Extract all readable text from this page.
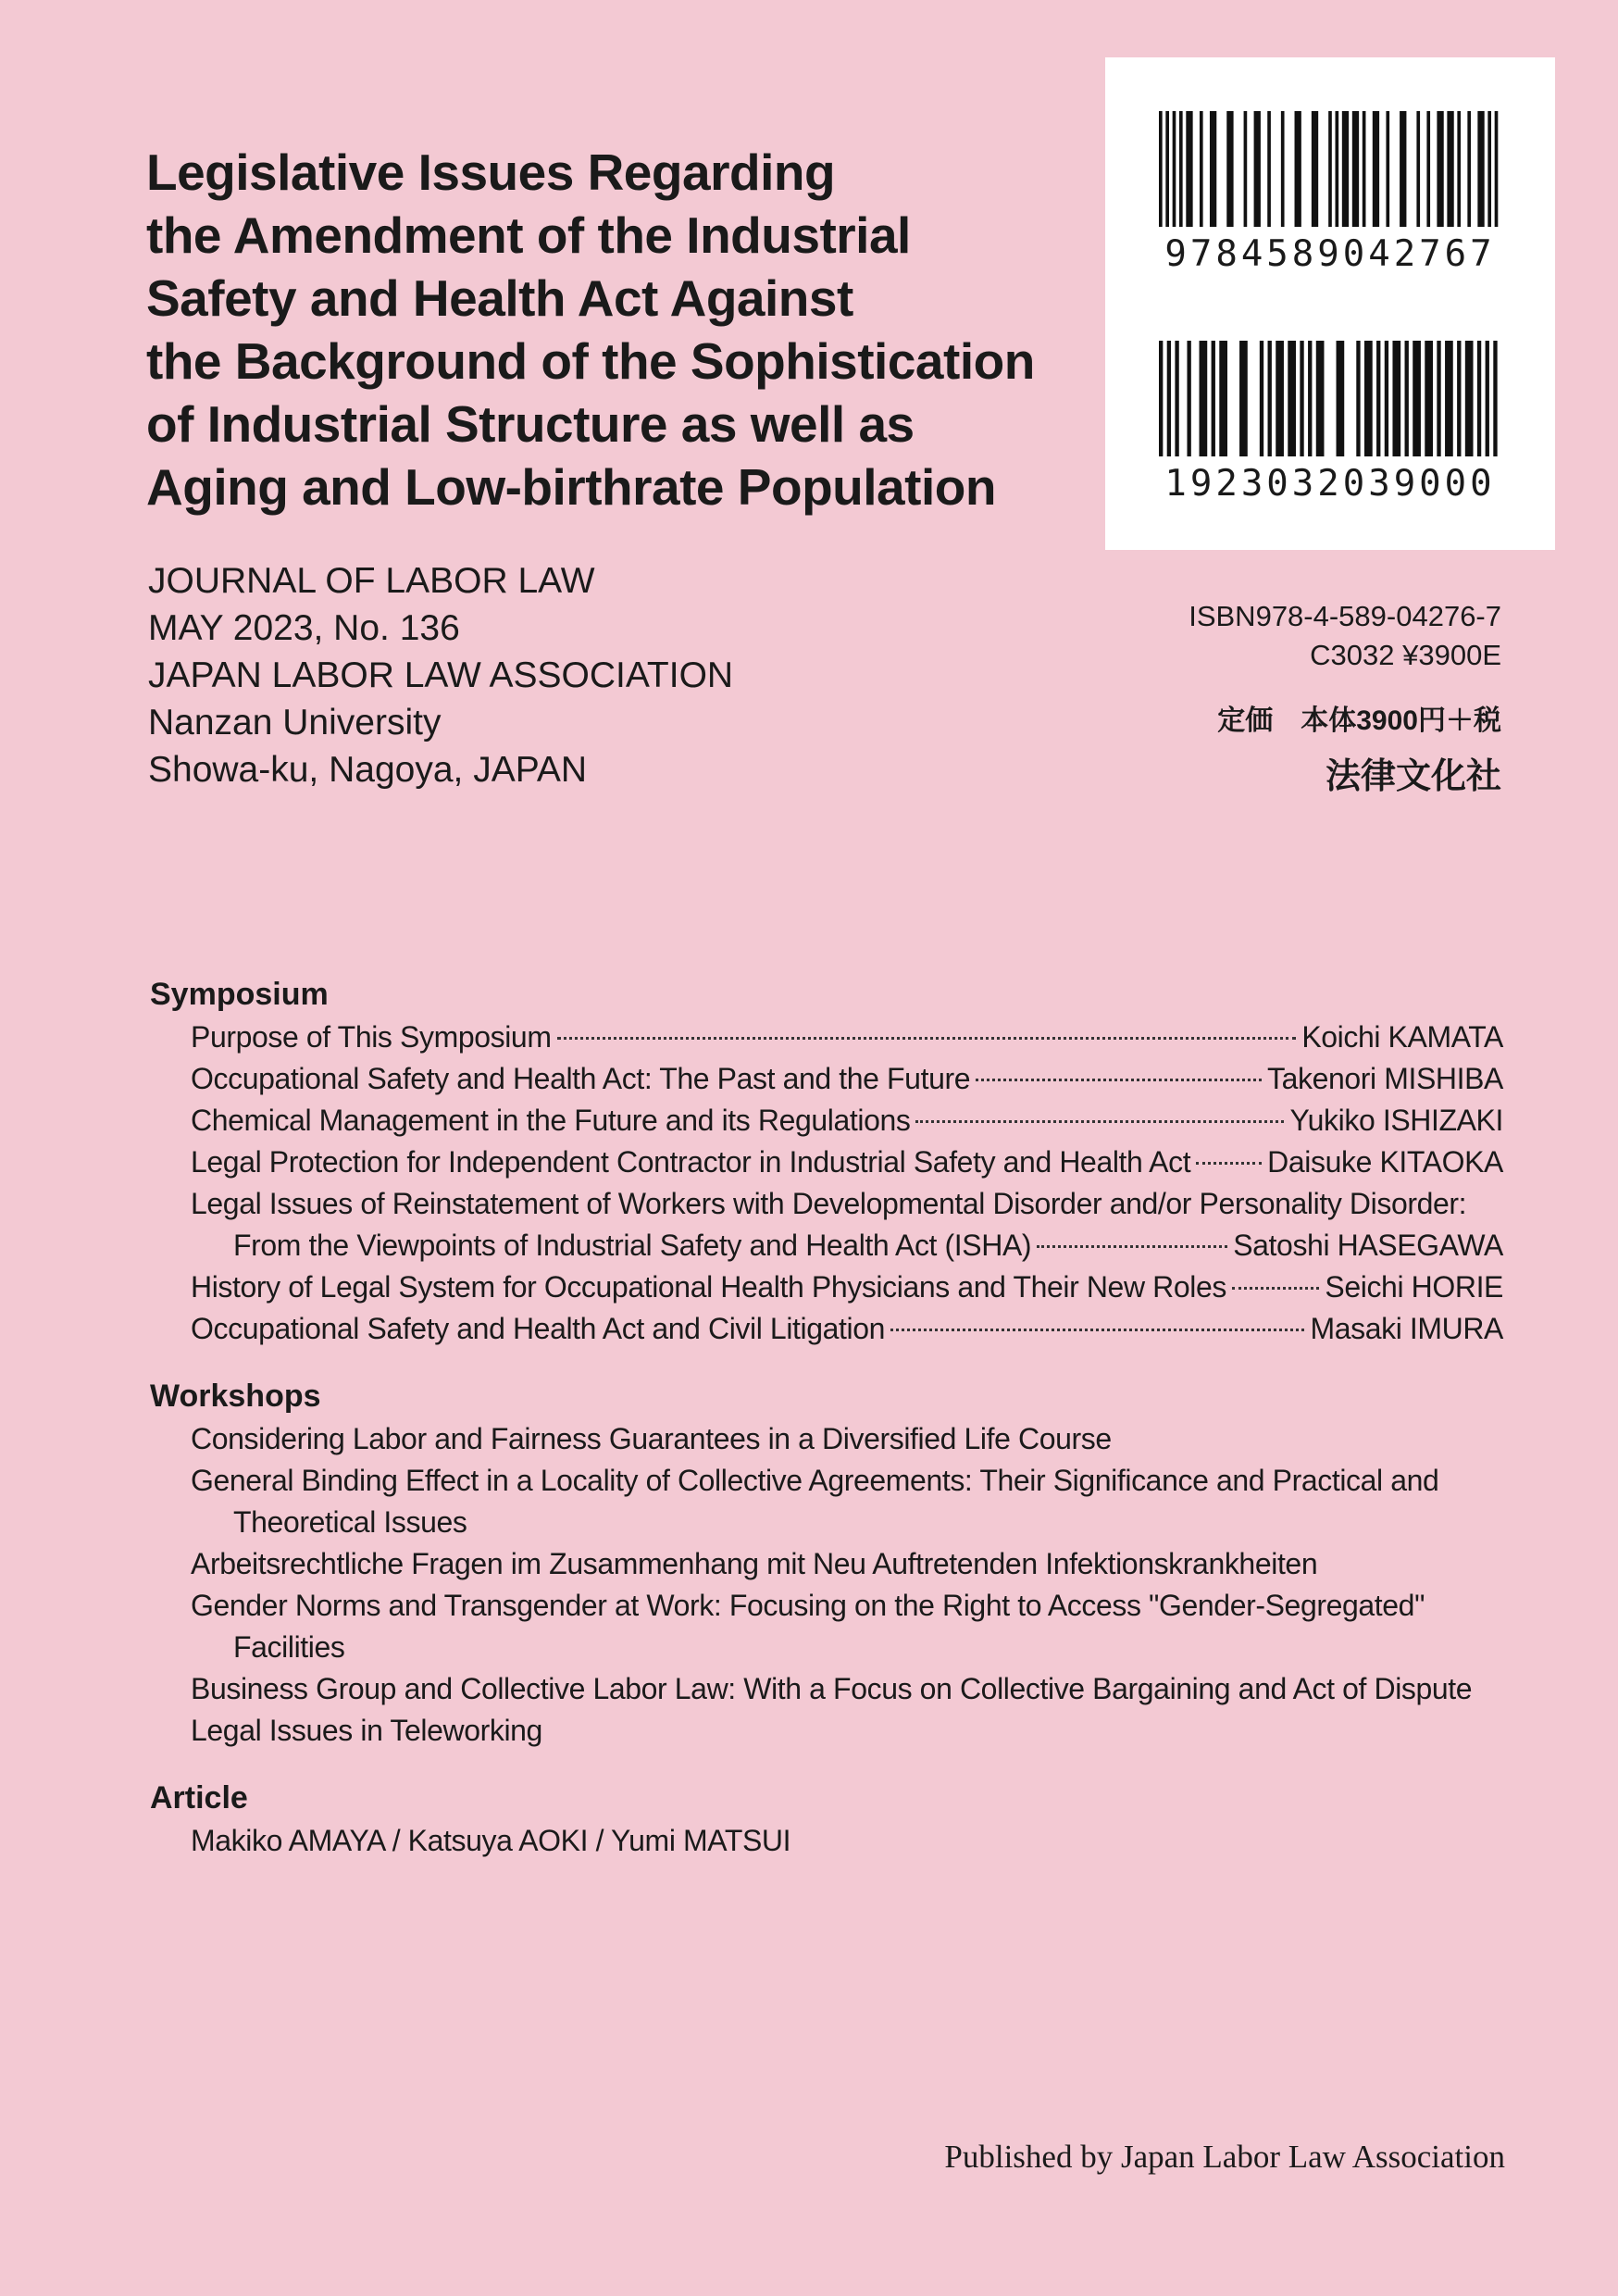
Legislative Issues Regarding
the Amendment of the Industrial
Safety and Health Act Against
the Background of the Sophistication
of Industrial Structure as well as
Aging and Low-birthrate Population
JOURNAL OF LABOR LAW
MAY 2023, No. 136
JAPAN LABOR LAW ASSOCIATION
Nanzan University
Showa-ku, Nagoya, JAPAN
9784589042767
1923032039000
ISBN978-4-589-04276-7
C3032 ¥3900E
定価　本体3900円＋税
法律文化社
Symposium
Purpose of This Symposium	Koichi KAMATA
Occupational Safety and Health Act: The Past and the Future	Takenori MISHIBA
Chemical Management in the Future and its Regulations	Yukiko ISHIZAKI
Legal Protection for Independent Contractor in Industrial Safety and Health Act	Daisuke KITAOKA
Legal Issues of Reinstatement of Workers with Developmental Disorder and/or Personality Disorder:
From the Viewpoints of Industrial Safety and Health Act (ISHA)	Satoshi HASEGAWA
History of Legal System for Occupational Health Physicians and Their New Roles	Seichi HORIE
Occupational Safety and Health Act and Civil Litigation	Masaki IMURA
Workshops
Considering Labor and Fairness Guarantees in a Diversified Life Course
General Binding Effect in a Locality of Collective Agreements: Their Significance and Practical and
Theoretical Issues
Arbeitsrechtliche Fragen im Zusammenhang mit Neu Auftretenden Infektionskrankheiten
Gender Norms and Transgender at Work: Focusing on the Right to Access "Gender-Segregated"
Facilities
Business Group and Collective Labor Law: With a Focus on Collective Bargaining and Act of Dispute
Legal Issues in Teleworking
Article
Makiko AMAYA / Katsuya AOKI / Yumi MATSUI
Published by Japan Labor Law Association
